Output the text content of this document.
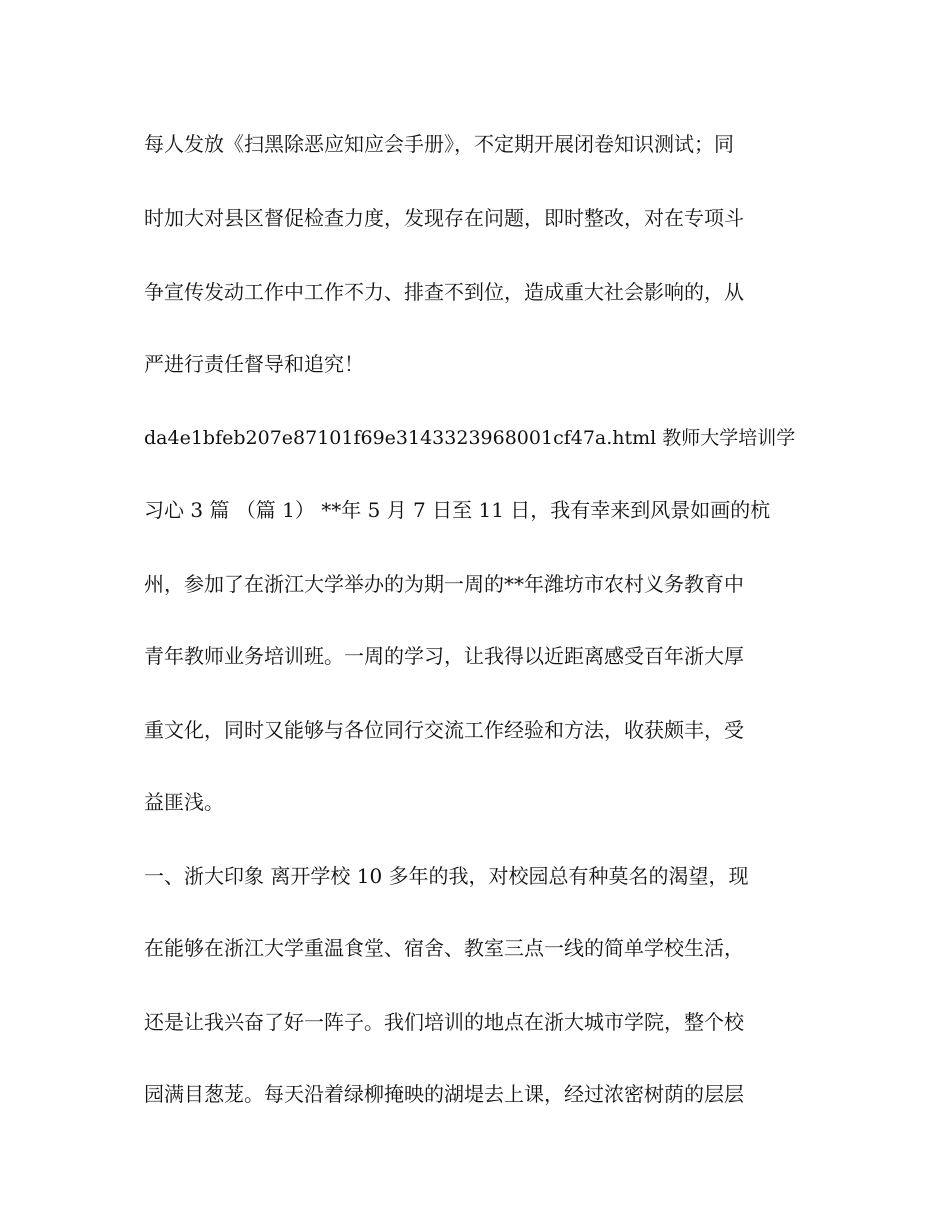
每人发放《扫黑除恶应知应会手册》，不定期开展闭卷知识测试；同
时加大对县区督促检查力度，发现存在问题，即时整改，对在专项斗
争宣传发动工作中工作不力、排查不到位，造成重大社会影响的，从
严进行责任督导和追究！
da4e1bfeb207e87101f69e3143323968001cf47a.html 教师大学培训学
习心 3 篇 （篇 1） **年 5 月 7 日至 11 日，我有幸来到风景如画的杭
州，参加了在浙江大学举办的为期一周的**年潍坊市农村义务教育中
青年教师业务培训班。一周的学习，让我得以近距离感受百年浙大厚
重文化，同时又能够与各位同行交流工作经验和方法，收获颇丰，受
益匪浅。
一、浙大印象 离开学校 10 多年的我，对校园总有种莫名的渴望，现
在能够在浙江大学重温食堂、宿舍、教室三点一线的简单学校生活，
还是让我兴奋了好一阵子。我们培训的地点在浙大城市学院，整个校
园满目葱茏。每天沿着绿柳掩映的湖堤去上课，经过浓密树荫的层层
